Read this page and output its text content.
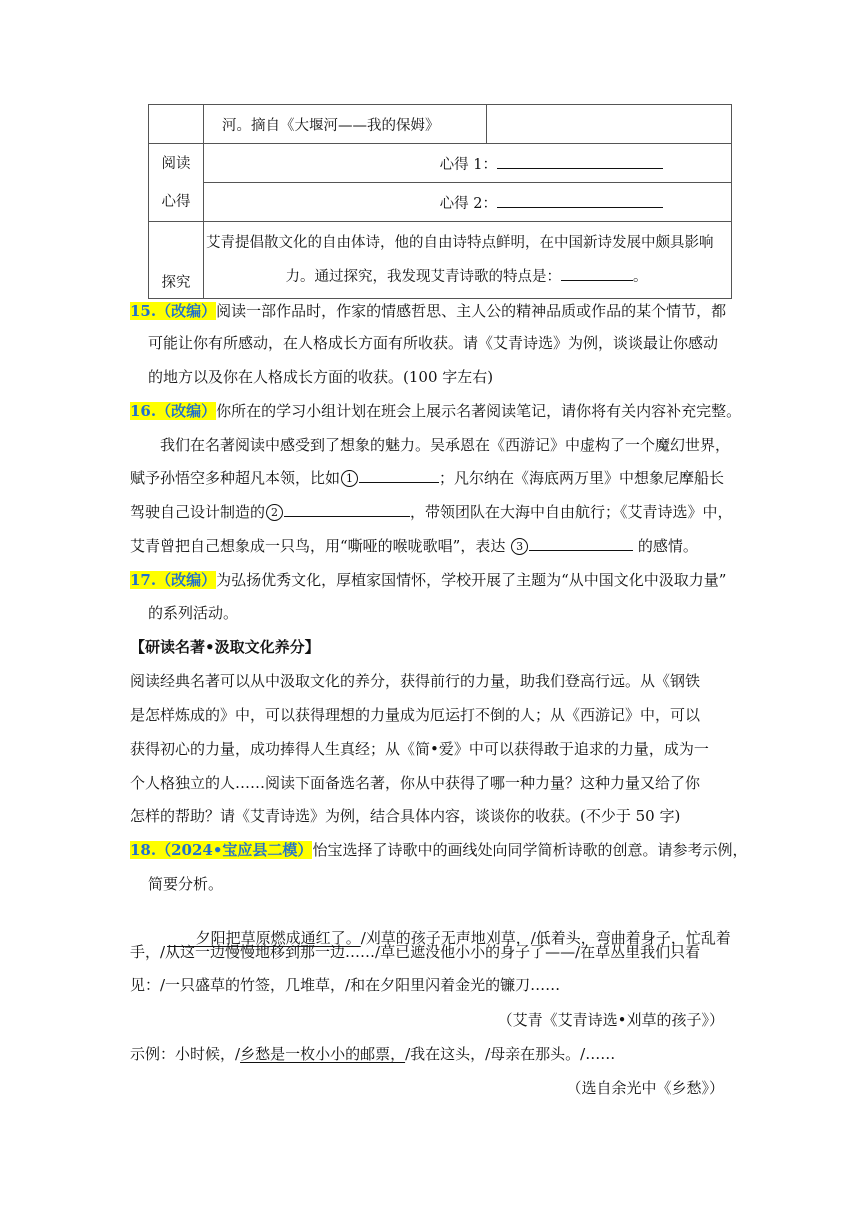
	河。摘自《大堰河——我的保姆》	
阅读心得	心得 1：	
	心得 2：	
探究	艾青提倡散文化的自由体诗，他的自由诗特点鲜明，在中国新诗发展中颇具影响
力。通过探究，我发现艾青诗歌的特点是： 。	
15.（改编）阅读一部作品时，作家的情感哲思、主人公的精神品质或作品的某个情节，都
可能让你有所感动，在人格成长方面有所收获。请《艾青诗选》为例，谈谈最让你感动
的地方以及你在人格成长方面的收获。(100 字左右)
16.（改编）你所在的学习小组计划在班会上展示名著阅读笔记，请你将有关内容补充完整。
我们在名著阅读中感受到了想象的魅力。吴承恩在《西游记》中虚构了一个魔幻世界，
赋予孙悟空多种超凡本领，比如 1	；凡尔纳在《海底两万里》中想象尼摩船长
驾驶自己设计制造的 2	，带领团队在大海中自由航行；《艾青诗选》中，
艾青曾把自己想象成一只鸟，用“嘶哑的喉咙歌唱”，表达 3	的感情。
17.（改编）为弘扬优秀文化，厚植家国情怀，学校开展了主题为“从中国文化中汲取力量”
的系列活动。
【研读名著•汲取文化养分】
阅读经典名著可以从中汲取文化的养分，获得前行的力量，助我们登高行远。从《钢铁
是怎样炼成的》中，可以获得理想的力量成为厄运打不倒的人；从《西游记》中，可以
获得初心的力量，成功捧得人生真经；从《简•爱》中可以获得敢于追求的力量，成为一
个人格独立的人……阅读下面备选名著，你从中获得了哪一种力量？这种力量又给了你
怎样的帮助？请《艾青诗选》为例，结合具体内容，谈谈你的收获。(不少于 50 字)
18.（2024•宝应县二模）怡宝选择了诗歌中的画线处向同学简析诗歌的创意。请参考示例，
简要分析。

夕阳把草原燃成通红了。/刈草的孩子无声地刈草，/低着头，弯曲着身子，忙乱着

手，/从这一边慢慢地移到那一边……/草已遮没他小小的身子了——/在草丛里我们只看
见：/一只盛草的竹签，几堆草，/和在夕阳里闪着金光的镰刀……
（艾青《艾青诗选•刈草的孩子》）
示例：小时候，/乡愁是一枚小小的邮票，/我在这头，/母亲在那头。/……
（选自余光中《乡愁》）
